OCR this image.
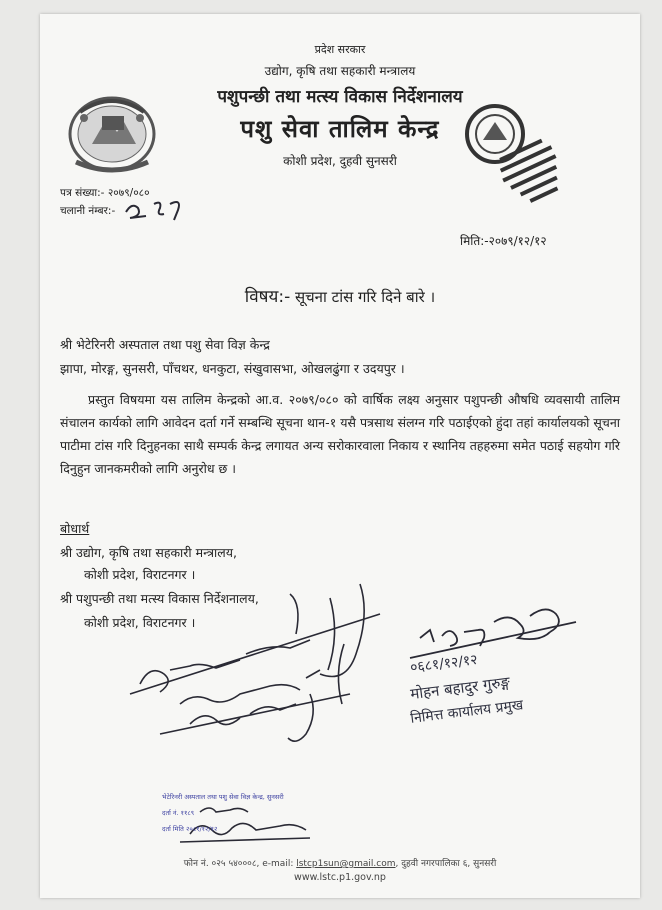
प्रदेश सरकार

उद्योग, कृषि तथा सहकारी मन्त्रालय

पशुपन्छी तथा मत्स्य विकास निर्देशनालय

पशु सेवा तालिम केन्द्र

कोशी प्रदेश, दुहवी सुनसरी

पत्र संख्या:- २०७९/०८०

चलानी नंम्बर:-

मिति:-२०७९/१२/१२

विषय:- सूचना टांस गरि दिने बारे ।

श्री भेटेरिनरी अस्पताल तथा पशु सेवा विज्ञ केन्द्र

झापा, मोरङ्ग, सुनसरी, पाँचथर, धनकुटा, संखुवासभा, ओखलढुंगा र उदयपुर ।

प्रस्तुत विषयमा यस तालिम केन्द्रको आ.व. २०७९/०८० को वार्षिक लक्ष्य अनुसार पशुपन्छी औषधि व्यवसायी तालिम संचालन कार्यको लागि आवेदन दर्ता गर्ने सम्बन्धि सूचना थान-१ यसै पत्रसाथ संलग्न गरि पठाईएको हुंदा तहां कार्यालयको सूचना पाटीमा टांस गरि दिनुहनका साथै सम्पर्क केन्द्र लगायत अन्य सरोकारवाला निकाय र स्थानिय तहहरुमा समेत पठाई सहयोग गरि दिनुहुन जानकमरीको लागि अनुरोध छ ।

बोधार्थ

श्री उद्योग, कृषि तथा सहकारी मन्त्रालय,

कोशी प्रदेश, विराटनगर ।

श्री पशुपन्छी तथा मत्स्य विकास निर्देशनालय,

कोशी प्रदेश, विराटनगर ।

०६८१/१२/१२

मोहन बहादुर गुरुङ्ग

निमित्त कार्यालय प्रमुख

भेटेरिनरी अस्पताल तथा पशु सेवा विज्ञ केन्द्र, सुनसरी

दर्ता नं. ११८९

दर्ता मिति २०८१/१२/१२

फोन नं. ०२५ ५४०००८, e-mail: lstcp1sun@gmail.com, दुहवी नगरपालिका ६, सुनसरी

www.lstc.p1.gov.np
